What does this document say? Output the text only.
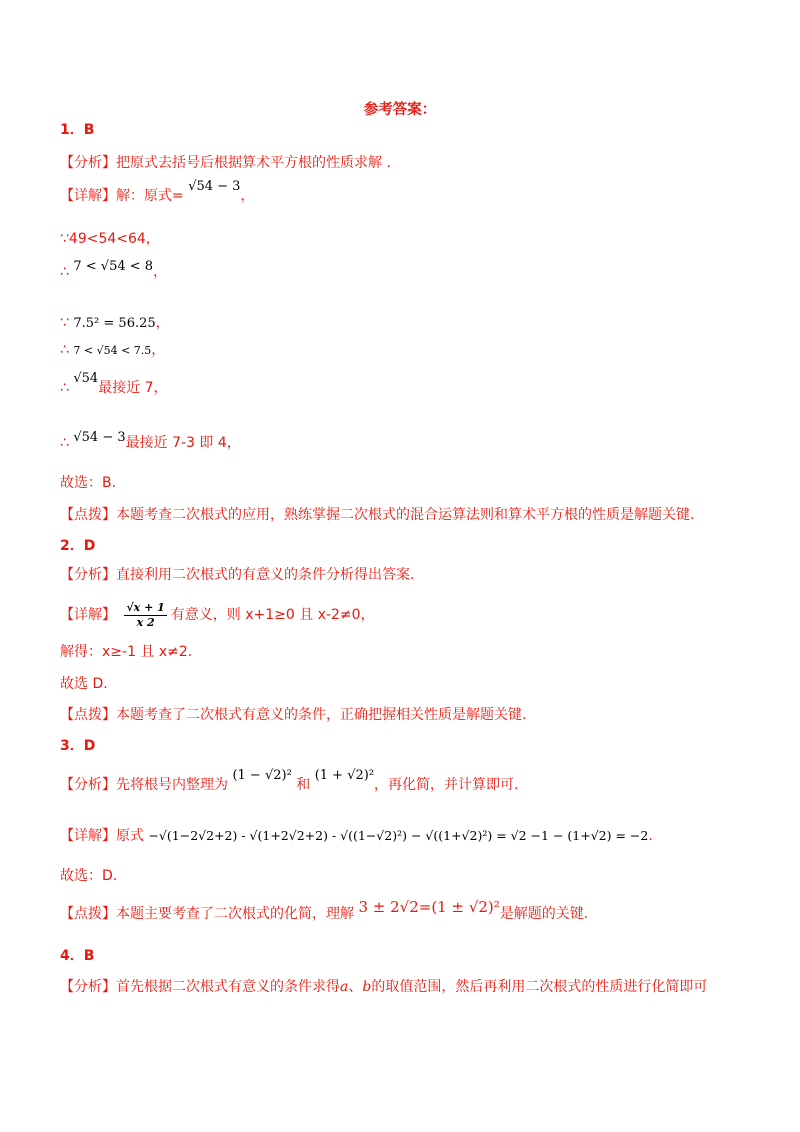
参考答案：
1．B
【分析】把原式去括号后根据算术平方根的性质求解 .
【详解】解：原式= √54 − 3，
∵49<54<64，
∴ 7 < √54 < 8，
∵ 7.5² = 56.25，
∴ 7 < √54 < 7.5，
∴ √54最接近 7，
∴ √54 − 3最接近 7-3 即 4，
故选：B.
【点拨】本题考查二次根式的应用，熟练掌握二次根式的混合运算法则和算术平方根的性质是解题关键.
2．D
【分析】直接利用二次根式的有意义的条件分析得出答案.
【详解】 $\frac{√x + 1}{x 2}$ 有意义，则 x+1≥0 且 x-2≠0，
解得：x≥-1 且 x≠2.
故选 D.
【点拨】本题考查了二次根式有意义的条件，正确把握相关性质是解题关键.
3．D
【分析】先将根号内整理为 (1 − √2)² 和 (1 + √2)²，再化简，并计算即可.
【详解】原式 −√(1−2√2+2) - √(1+2√2+2) - √((1−√2)²) − √((1+√2)²) = √2 −1 − (1+√2) = −2.
故选：D.
【点拨】本题主要考查了二次根式的化简，理解 3 ± 2√2=(1 ± √2)²是解题的关键.
4．B
【分析】首先根据二次根式有意义的条件求得a、b的取值范围，然后再利用二次根式的性质进行化简即可
